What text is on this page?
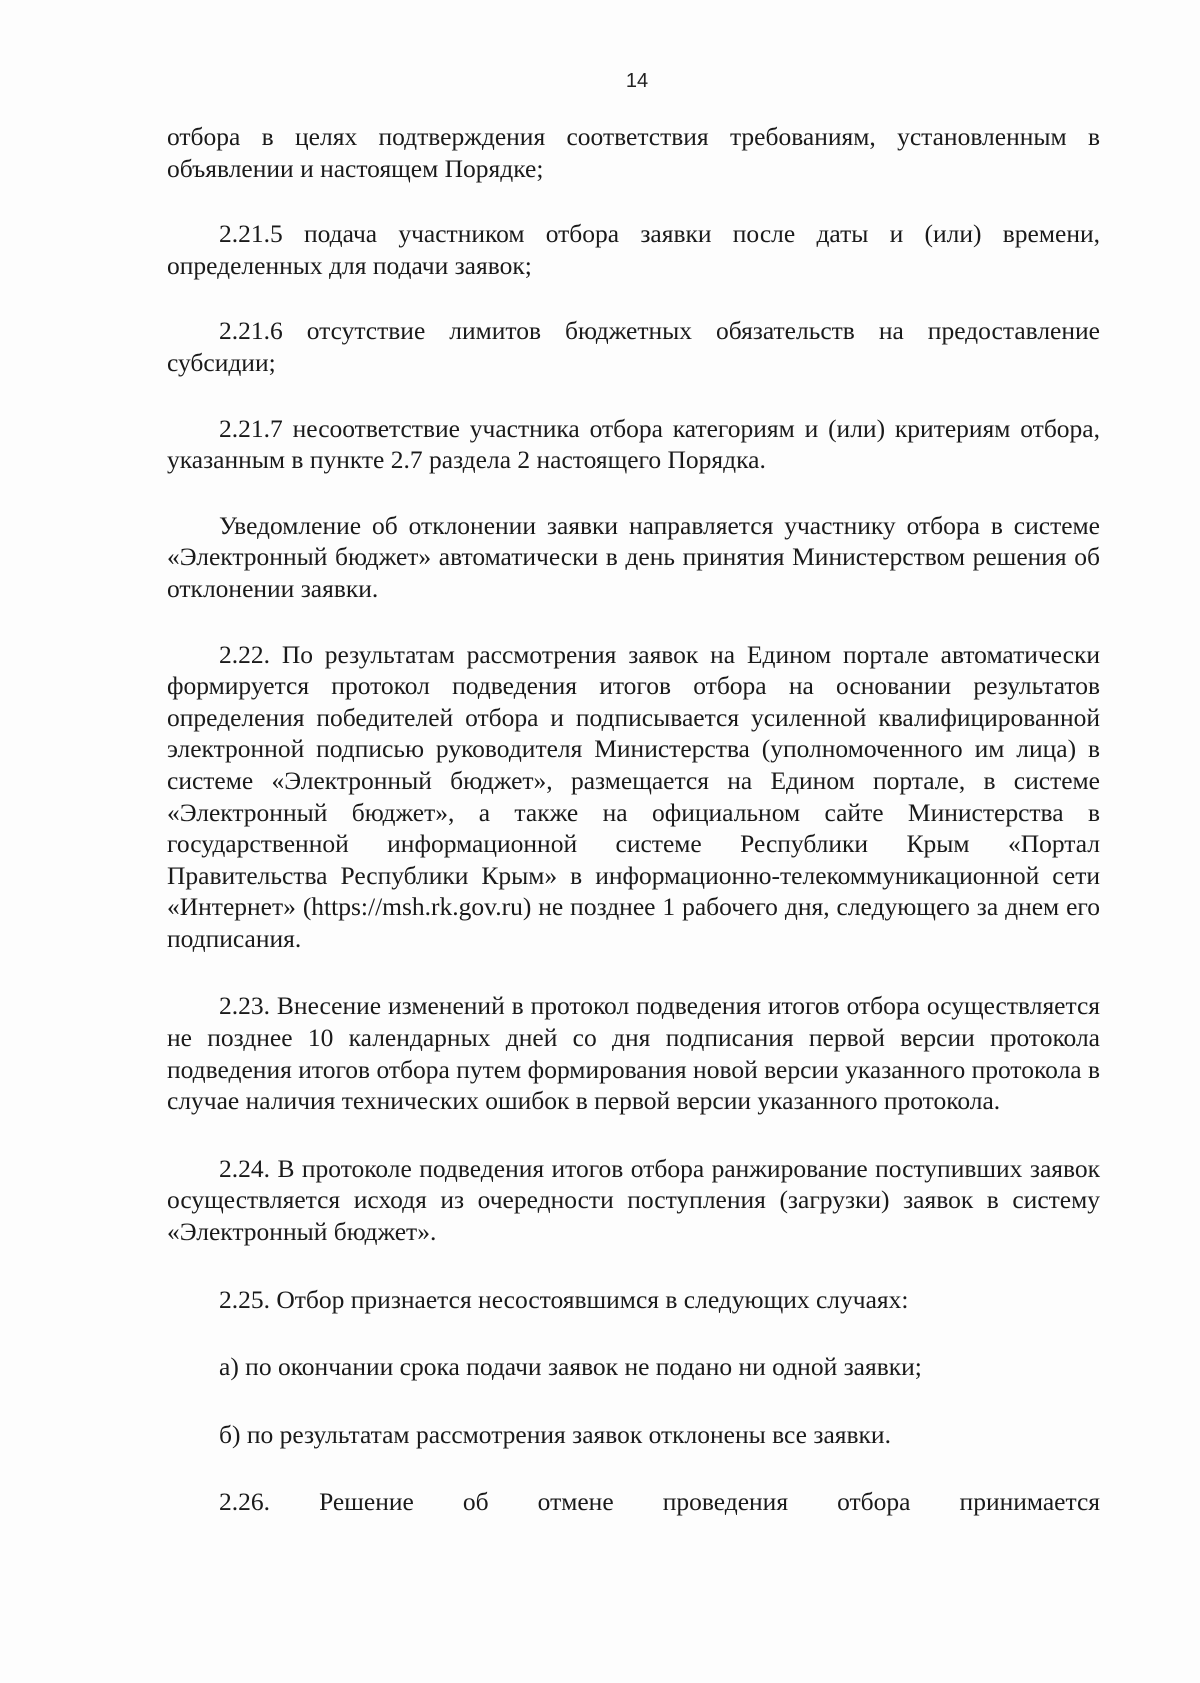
14

отбора в целях подтверждения соответствия требованиям, установленным в объявлении и настоящем Порядке;

2.21.5 подача участником отбора заявки после даты и (или) времени, определенных для подачи заявок;

2.21.6 отсутствие лимитов бюджетных обязательств на предоставление субсидии;

2.21.7 несоответствие участника отбора категориям и (или) критериям отбора, указанным в пункте 2.7 раздела 2 настоящего Порядка.

Уведомление об отклонении заявки направляется участнику отбора в системе «Электронный бюджет» автоматически в день принятия Министерством решения об отклонении заявки.

2.22. По результатам рассмотрения заявок на Едином портале автоматически формируется протокол подведения итогов отбора на основании результатов определения победителей отбора и подписывается усиленной квалифицированной электронной подписью руководителя Министерства (уполномоченного им лица) в системе «Электронный бюджет», размещается на Едином портале, в системе «Электронный бюджет», а также на официальном сайте Министерства в государственной информационной системе Республики Крым «Портал Правительства Республики Крым» в информационно-телекоммуникационной сети «Интернет» (https://msh.rk.gov.ru) не позднее 1 рабочего дня, следующего за днем его подписания.

2.23. Внесение изменений в протокол подведения итогов отбора осуществляется не позднее 10 календарных дней со дня подписания первой версии протокола подведения итогов отбора путем формирования новой версии указанного протокола в случае наличия технических ошибок в первой версии указанного протокола.

2.24. В протоколе подведения итогов отбора ранжирование поступивших заявок осуществляется исходя из очередности поступления (загрузки) заявок в систему «Электронный бюджет».

2.25. Отбор признается несостоявшимся в следующих случаях:

а) по окончании срока подачи заявок не подано ни одной заявки;

б) по результатам рассмотрения заявок отклонены все заявки.

2.26. Решение об отмене проведения отбора принимается
